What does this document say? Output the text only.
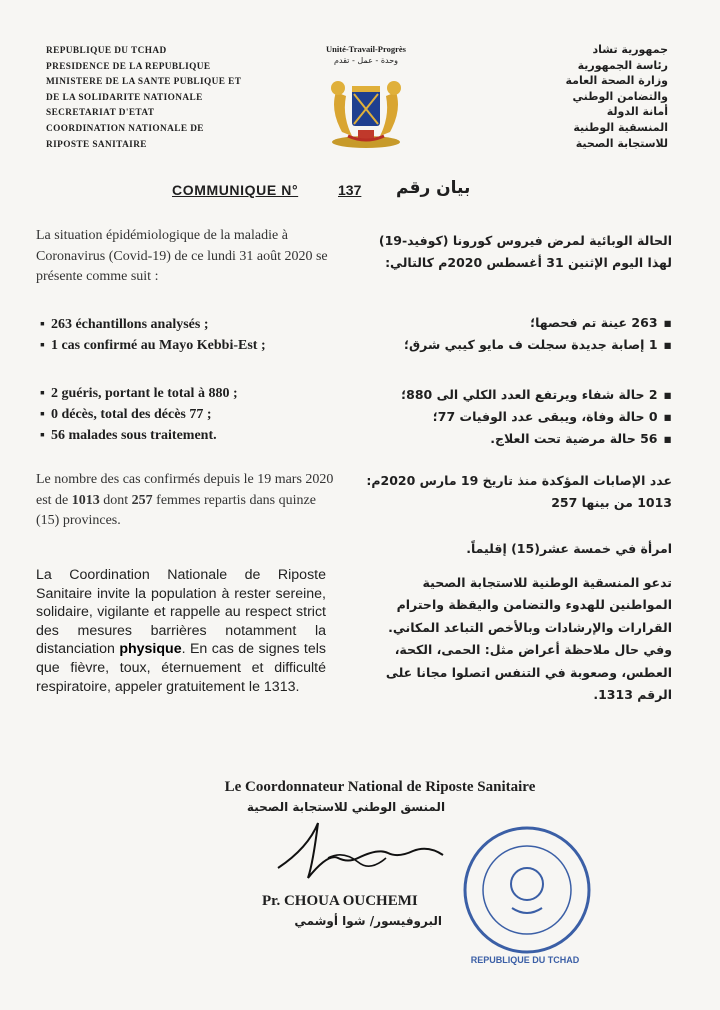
REPUBLIQUE DU TCHAD
PRESIDENCE DE LA REPUBLIQUE
MINISTERE DE LA SANTE PUBLIQUE ET
DE LA SOLIDARITE NATIONALE
SECRETARIAT D'ETAT
COORDINATION NATIONALE DE
RIPOSTE SANITAIRE
Unité-Travail-Progrès
وحدة - عمل - تقدم
جمهورية تشاد
رئاسة الجمهورية
وزارة الصحة العامة
والتضامن الوطني
أمانة الدولة
المنسقية الوطنية
للاستجابة الصحية
COMMUNIQUE N°	137 بيان رقم
La situation épidémiologique de la maladie à Coronavirus (Covid-19) de ce lundi 31 août 2020 se présente comme suit :
▪ 263 échantillons analysés ;
▪ 1 cas confirmé au Mayo Kebbi-Est ;
▪ 2 guéris, portant le total à 880 ;
▪ 0 décès, total des décès 77 ;
▪ 56 malades sous traitement.
Le nombre des cas confirmés depuis le 19 mars 2020 est de 1013 dont 257 femmes repartis dans quinze (15) provinces.
La Coordination Nationale de Riposte Sanitaire invite la population à rester sereine, solidaire, vigilante et rappelle au respect strict des mesures barrières notamment la distanciation physique. En cas de signes tels que fièvre, toux, éternuement et difficulté respiratoire, appeler gratuitement le 1313.
الحالة الوبائية لمرض فيروس كورونا (كوفيد-19) لهذا اليوم الإثنين 31 أغسطس 2020م كالتالي:
▪ 263 عينة تم فحصها؛
▪ 1 إصابة جديدة سجلت ف مايو كيبي شرق؛
▪ 2 حالة شفاء ويرتفع العدد الكلي الى 880؛
▪ 0 حالة وفاة، ويبقى عدد الوفيات 77؛
▪ 56 حالة مرضية تحت العلاج.
عدد الإصابات المؤكدة منذ تاريخ 19 مارس 2020م: 1013 من بينها 257
امرأة في خمسة عشر(15) إقليماً.
تدعو المنسقية الوطنية للاستجابة الصحية المواطنين للهدوء والتضامن واليقظة واحترام القرارات والإرشادات وبالأخص التباعد المكاني. وفي حال ملاحظة أعراض مثل: الحمى، الكحة، العطس، وصعوبة في التنفس اتصلوا مجانا على الرقم 1313.
Le Coordonnateur National de Riposte Sanitaire
المنسق الوطني للاستجابة الصحية
REPUBLIQUE DU TCHAD
Pr. CHOUA OUCHEMI
البروفيسور/ شوا أوشمي
